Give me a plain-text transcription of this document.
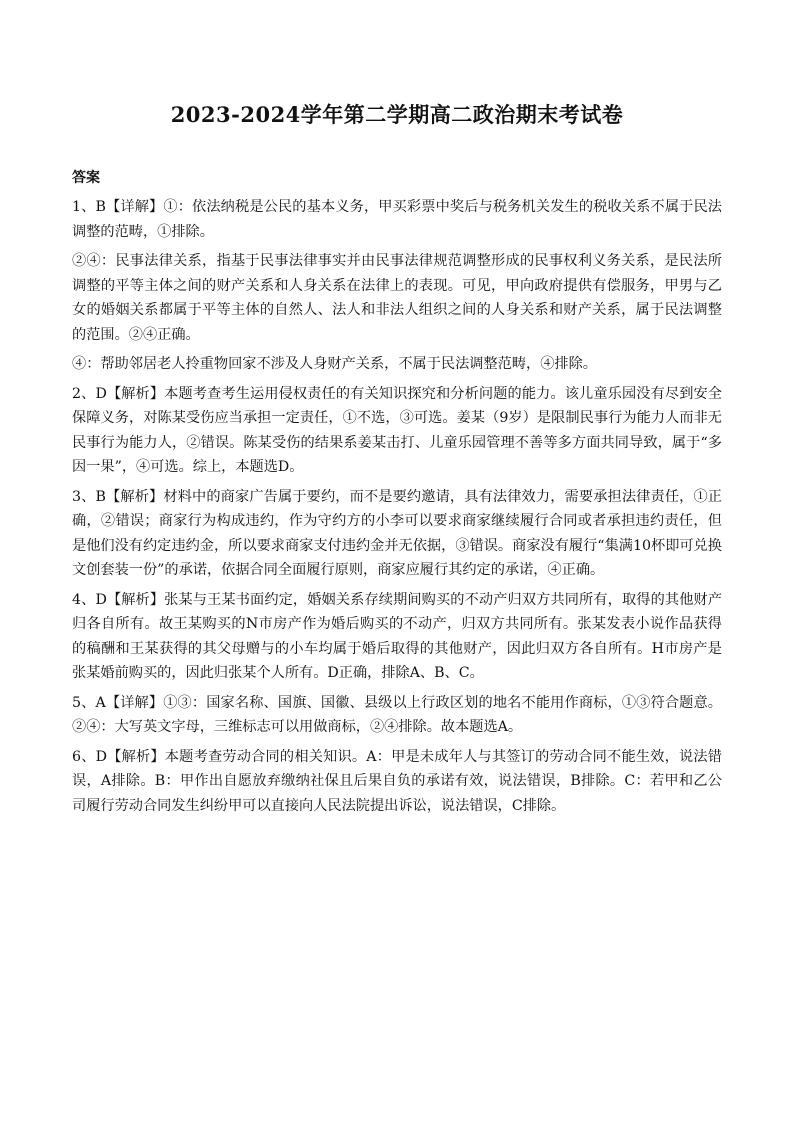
2023-2024学年第二学期高二政治期末考试卷
答案

1、B【详解】①：依法纳税是公民的基本义务，甲买彩票中奖后与税务机关发生的税收关系不属于民法调整的范畴，①排除。

②④：民事法律关系，指基于民事法律事实并由民事法律规范调整形成的民事权利义务关系，是民法所调整的平等主体之间的财产关系和人身关系在法律上的表现。可见，甲向政府提供有偿服务，甲男与乙女的婚姻关系都属于平等主体的自然人、法人和非法人组织之间的人身关系和财产关系，属于民法调整的范围。②④正确。

④：帮助邻居老人拎重物回家不涉及人身财产关系，不属于民法调整范畴，④排除。

2、D【解析】本题考查考生运用侵权责任的有关知识探究和分析问题的能力。该儿童乐园没有尽到安全保障义务，对陈某受伤应当承担一定责任，①不选，③可选。姜某（9岁）是限制民事行为能力人而非无民事行为能力人，②错误。陈某受伤的结果系姜某击打、儿童乐园管理不善等多方面共同导致，属于“多因一果”，④可选。综上，本题选D。

3、B【解析】材料中的商家广告属于要约，而不是要约邀请，具有法律效力，需要承担法律责任，①正确，②错误；商家行为构成违约，作为守约方的小李可以要求商家继续履行合同或者承担违约责任，但是他们没有约定违约金，所以要求商家支付违约金并无依据，③错误。商家没有履行“集满10杯即可兑换文创套装一份”的承诺，依据合同全面履行原则，商家应履行其约定的承诺，④正确。

4、D【解析】张某与王某书面约定，婚姻关系存续期间购买的不动产归双方共同所有，取得的其他财产归各自所有。故王某购买的N市房产作为婚后购买的不动产，归双方共同所有。张某发表小说作品获得的稿酬和王某获得的其父母赠与的小车均属于婚后取得的其他财产，因此归双方各自所有。H市房产是张某婚前购买的，因此归张某个人所有。D正确，排除A、B、C。

5、A【详解】①③：国家名称、国旗、国徽、县级以上行政区划的地名不能用作商标，①③符合题意。②④：大写英文字母，三维标志可以用做商标，②④排除。故本题选A。

6、D【解析】本题考查劳动合同的相关知识。A：甲是未成年人与其签订的劳动合同不能生效，说法错误，A排除。B：甲作出自愿放弃缴纳社保且后果自负的承诺有效，说法错误，B排除。C：若甲和乙公司履行劳动合同发生纠纷甲可以直接向人民法院提出诉讼，说法错误，C排除。
